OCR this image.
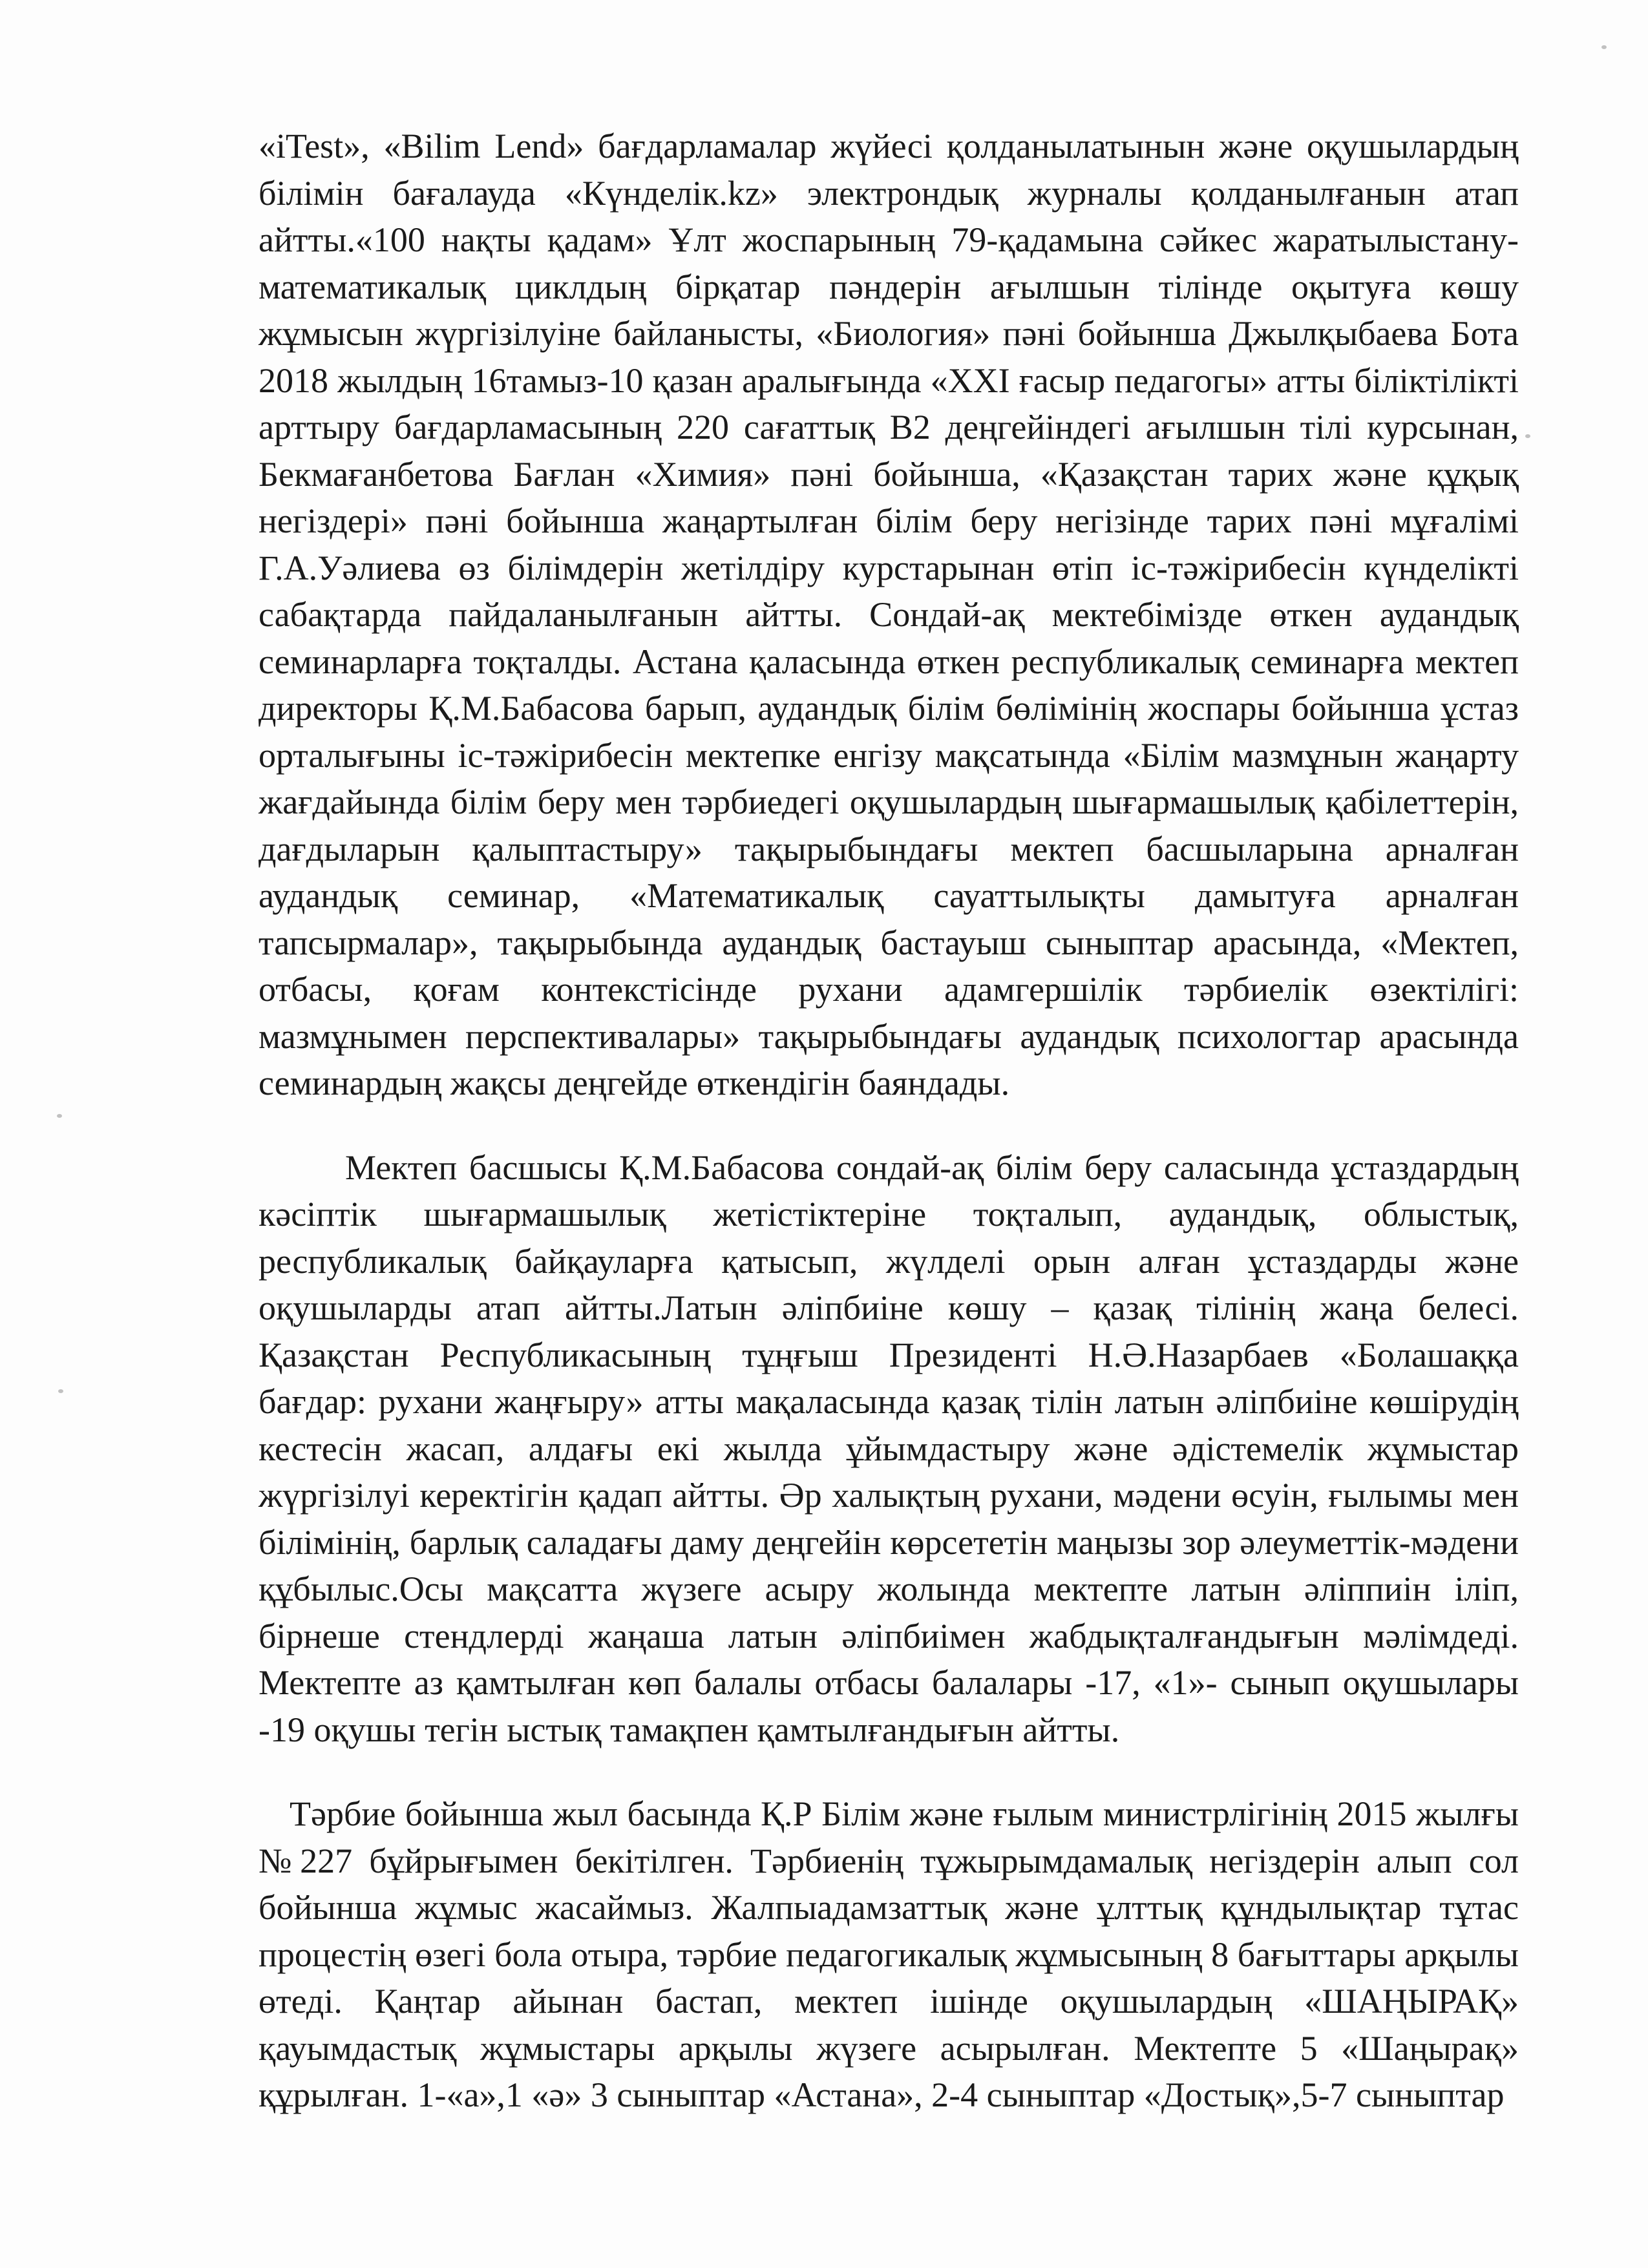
«iTest», «Bilim Lend» бағдарламалар жүйесі қолданылатынын және оқушылардың білімін бағалауда «Күнделік.kz» электрондық журналы қолданылғанын атап айтты.«100 нақты қадам» Ұлт жоспарының 79-қадамына сәйкес жаратылыстану-математикалық циклдың бірқатар пәндерін ағылшын тілінде оқытуға көшу жұмысын жүргізілуіне байланысты, «Биология» пәні бойынша Джылқыбаева Бота 2018 жылдың 16тамыз-10 қазан аралығында «XXI ғасыр педагогы» атты біліктілікті арттыру бағдарламасының 220 сағаттық B2 деңгейіндегі ағылшын тілі курсынан, Бекмағанбетова Бағлан «Химия» пәні бойынша, «Қазақстан тарих және құқық негіздері» пәні бойынша жаңартылған білім беру негізінде тарих пәні мұғалімі Г.А.Уәлиева өз білімдерін жетілдіру курстарынан өтіп іс-тәжірибесін күнделікті сабақтарда пайдаланылғанын айтты. Сондай-ақ мектебімізде өткен аудандық семинарларға тоқталды. Астана қаласында өткен республикалық семинарға мектеп директоры Қ.М.Бабасова барып, аудандық білім бөлімінің жоспары бойынша ұстаз орталығыны іс-тәжірибесін мектепке енгізу мақсатында «Білім мазмұнын жаңарту жағдайында білім беру мен тәрбиедегі оқушылардың шығармашылық қабілеттерін, дағдыларын қалыптастыру» тақырыбындағы мектеп басшыларына арналған аудандық семинар, «Математикалық сауаттылықты дамытуға арналған тапсырмалар», тақырыбында аудандық бастауыш сыныптар арасында, «Мектеп, отбасы, қоғам контекстісінде рухани адамгершілік тәрбиелік өзектілігі: мазмұнымен перспективалары» тақырыбындағы аудандық психологтар арасында семинардың жақсы деңгейде өткендігін баяндады.

Мектеп басшысы Қ.М.Бабасова сондай-ақ білім беру саласында ұстаздардың кәсіптік шығармашылық жетістіктеріне тоқталып, аудандық, облыстық, республикалық байқауларға қатысып, жүлделі орын алған ұстаздарды және оқушыларды атап айтты.Латын әліпбиіне көшу – қазақ тілінің жаңа белесі. Қазақстан Республикасының тұңғыш Президенті Н.Ә.Назарбаев «Болашаққа бағдар: рухани жаңғыру» атты мақаласында қазақ тілін латын әліпбиіне көшірудің кестесін жасап, алдағы екі жылда ұйымдастыру және әдістемелік жұмыстар жүргізілуі керектігін қадап айтты. Әр халықтың рухани, мәдени өсуін, ғылымы мен білімінің, барлық саладағы даму деңгейін көрсететін маңызы зор әлеуметтік-мәдени құбылыс.Осы мақсатта жүзеге асыру жолында мектепте латын әліппиін іліп, бірнеше стендлерді жаңаша латын әліпбиімен жабдықталғандығын мәлімдеді. Мектепте аз қамтылған көп балалы отбасы балалары -17, «1»- сынып оқушылары -19 оқушы тегін ыстық тамақпен қамтылғандығын айтты.

Тәрбие бойынша жыл басында Қ.Р Білім және ғылым министрлігінің 2015 жылғы №227 бұйрығымен бекітілген. Тәрбиенің тұжырымдамалық негіздерін алып сол бойынша жұмыс жасаймыз. Жалпыадамзаттық және ұлттық құндылықтар тұтас процестің өзегі бола отыра, тәрбие педагогикалық жұмысының 8 бағыттары арқылы өтеді. Қаңтар айынан бастап, мектеп ішінде оқушылардың «ШАҢЫРАҚ» қауымдастық жұмыстары арқылы жүзеге асырылған. Мектепте 5 «Шаңырақ» құрылған. 1-«а»,1 «ә» 3 сыныптар «Астана», 2-4 сыныптар «Достық»,5-7 сыныптар
